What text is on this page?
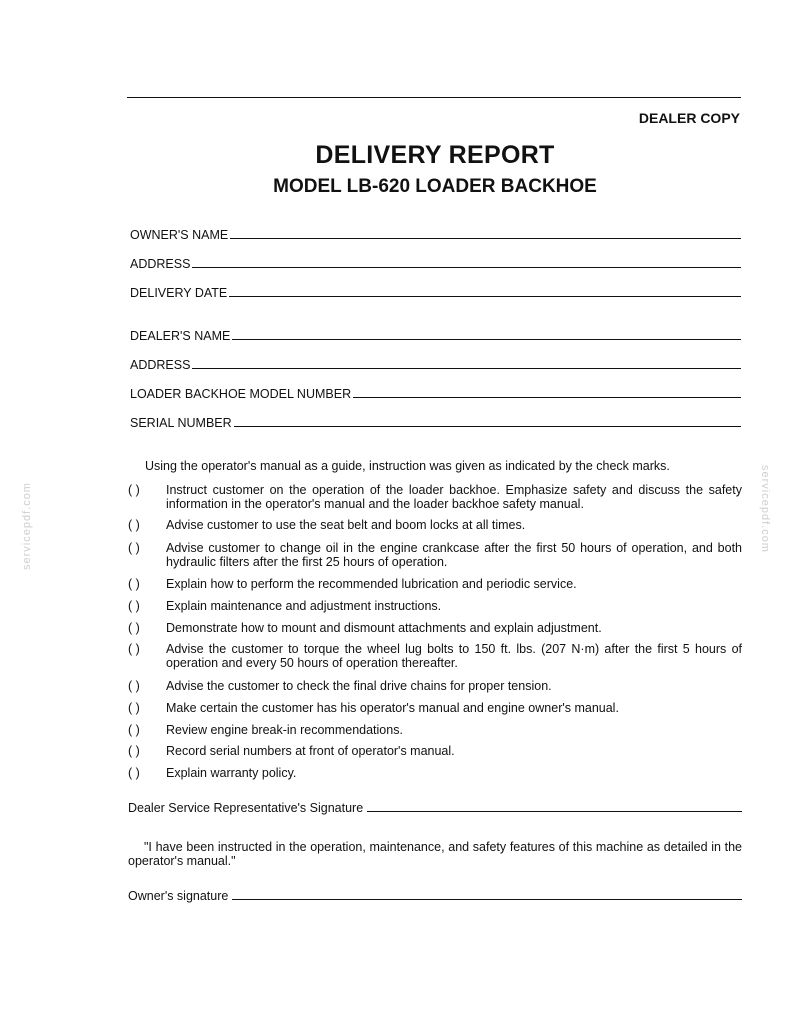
DEALER COPY
DELIVERY REPORT
MODEL LB-620 LOADER BACKHOE
OWNER'S NAME
ADDRESS
DELIVERY DATE
DEALER'S NAME
ADDRESS
LOADER BACKHOE MODEL NUMBER
SERIAL NUMBER
Using the operator's manual as a guide, instruction was given as indicated by the check marks.
( )	Instruct customer on the operation of the loader backhoe. Emphasize safety and discuss the safety information in the operator's manual and the loader backhoe safety manual.
( )	Advise customer to use the seat belt and boom locks at all times.
( )	Advise customer to change oil in the engine crankcase after the first 50 hours of operation, and both hydraulic filters after the first 25 hours of operation.
( )	Explain how to perform the recommended lubrication and periodic service.
( )	Explain maintenance and adjustment instructions.
( )	Demonstrate how to mount and dismount attachments and explain adjustment.
( )	Advise the customer to torque the wheel lug bolts to 150 ft. lbs. (207 N·m) after the first 5 hours of operation and every 50 hours of operation thereafter.
( )	Advise the customer to check the final drive chains for proper tension.
( )	Make certain the customer has his operator's manual and engine owner's manual.
( )	Review engine break-in recommendations.
( )	Record serial numbers at front of operator's manual.
( )	Explain warranty policy.
Dealer Service Representative's Signature
"I have been instructed in the operation, maintenance, and safety features of this machine as detailed in the operator's manual."
Owner's signature
servicepdf.com	servicepdf.com
